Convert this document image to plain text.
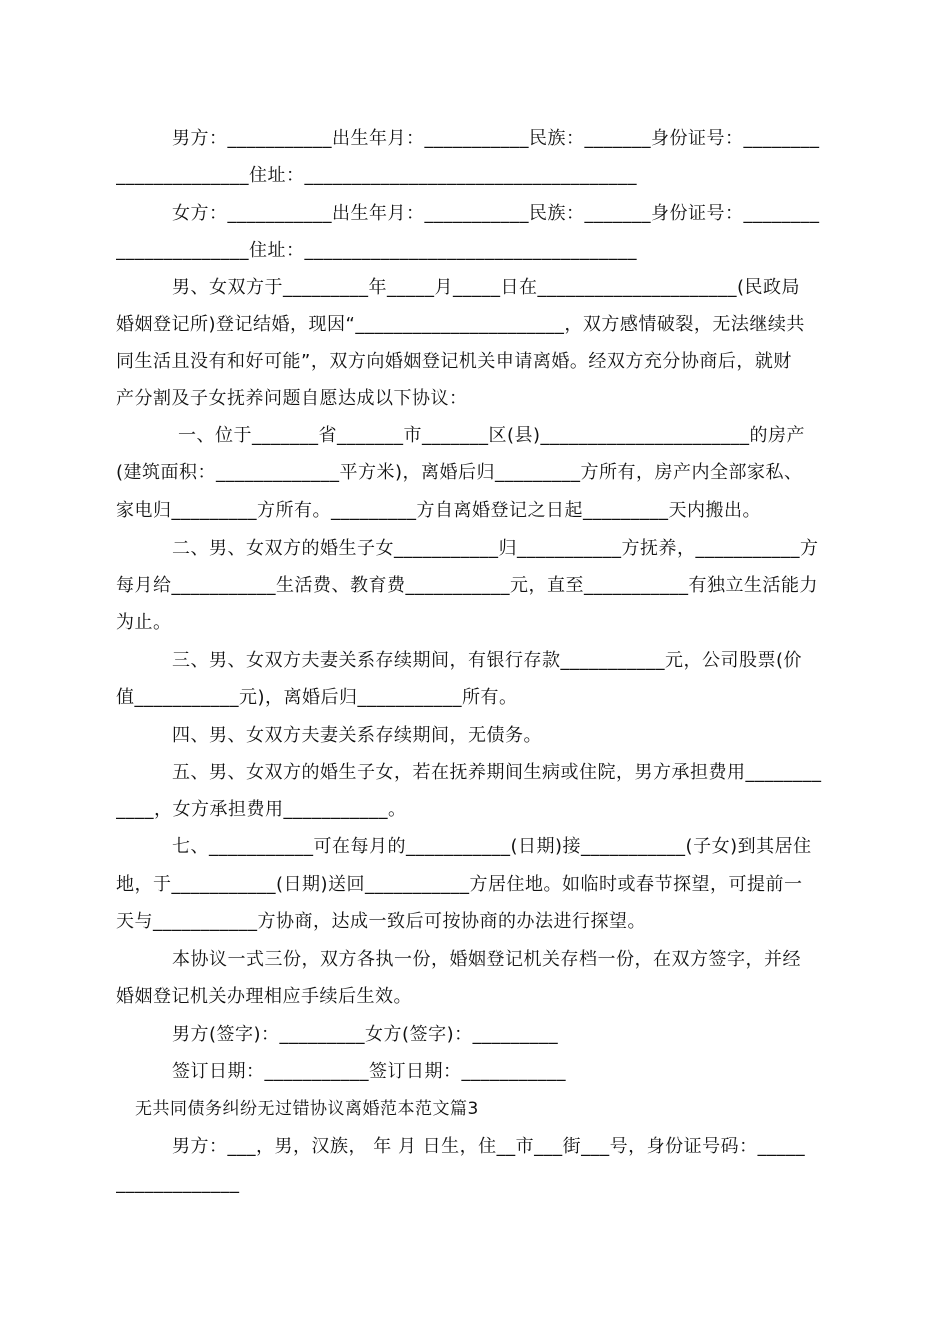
男方：___________出生年月：___________民族：_______身份证号：________
______________住址：___________________________________
女方：___________出生年月：___________民族：_______身份证号：________
______________住址：___________________________________
男、女双方于_________年_____月_____日在_____________________(民政局
婚姻登记所)登记结婚，现因“______________________，双方感情破裂，无法继续共
同生活且没有和好可能”，双方向婚姻登记机关申请离婚。经双方充分协商后，就财
产分割及子女抚养问题自愿达成以下协议：
一、位于_______省_______市_______区(县)______________________的房产
(建筑面积：_____________平方米)，离婚后归_________方所有，房产内全部家私、
家电归_________方所有。_________方自离婚登记之日起_________天内搬出。
二、男、女双方的婚生子女___________归___________方抚养，___________方
每月给___________生活费、教育费___________元，直至___________有独立生活能力
为止。
三、男、女双方夫妻关系存续期间，有银行存款___________元，公司股票(价
值___________元)，离婚后归___________所有。
四、男、女双方夫妻关系存续期间，无债务。
五、男、女双方的婚生子女，若在抚养期间生病或住院，男方承担费用________
____，女方承担费用___________。
七、___________可在每月的___________(日期)接___________(子女)到其居住
地，于___________(日期)送回___________方居住地。如临时或春节探望，可提前一
天与___________方协商，达成一致后可按协商的办法进行探望。
本协议一式三份，双方各执一份，婚姻登记机关存档一份，在双方签字，并经
婚姻登记机关办理相应手续后生效。
男方(签字)：_________女方(签字)：_________
签订日期：___________签订日期：___________
无共同债务纠纷无过错协议离婚范本范文篇3
男方：___，男，汉族， 年 月 日生，住__市___街___号，身份证号码：_____
_____________
